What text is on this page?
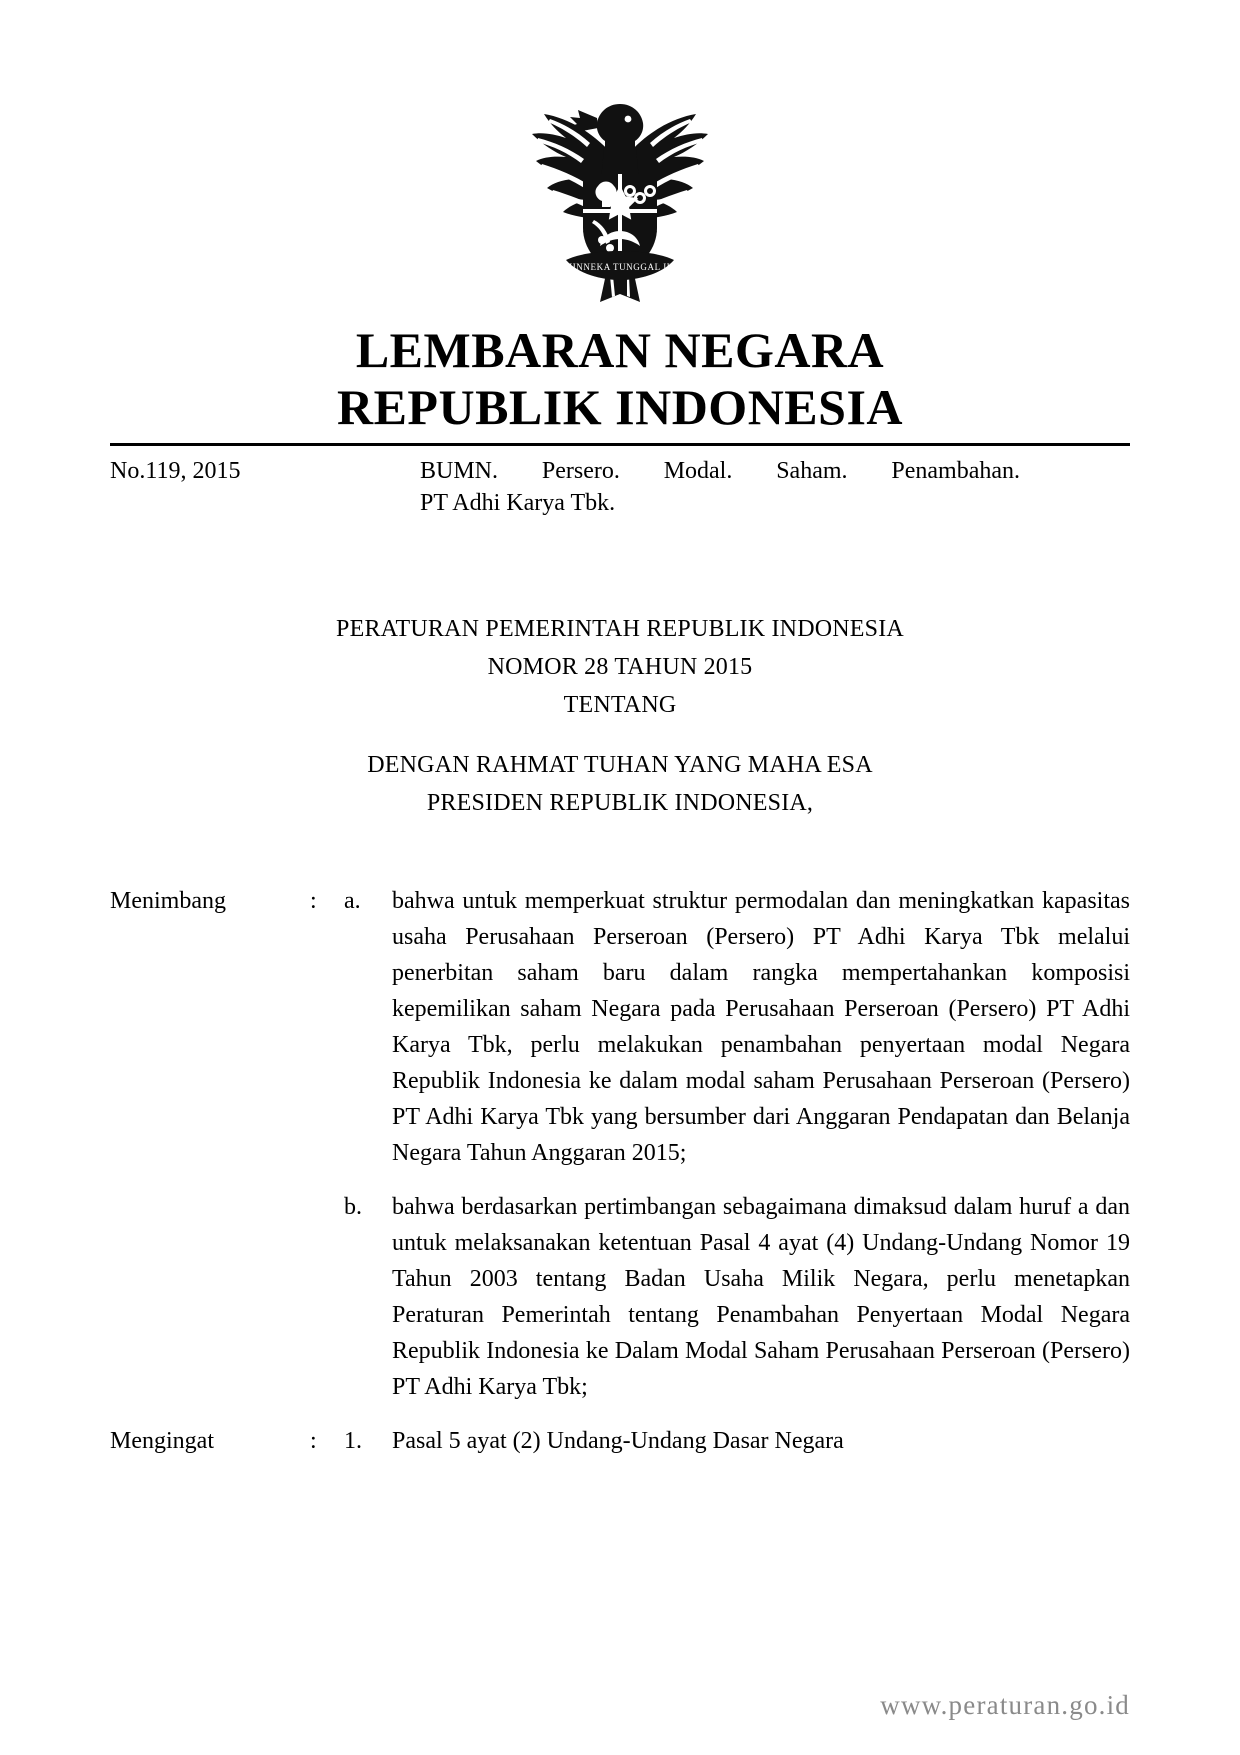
BHINNEKA TUNGGAL IKA
LEMBARAN NEGARA
REPUBLIK INDONESIA
No.119, 2015	BUMN. Persero. Modal. Saham. Penambahan.
PT Adhi Karya Tbk.
PERATURAN PEMERINTAH REPUBLIK INDONESIA
NOMOR 28 TAHUN 2015
TENTANG
DENGAN RAHMAT TUHAN YANG MAHA ESA
PRESIDEN REPUBLIK INDONESIA,
Menimbang	:	a.	bahwa untuk memperkuat struktur permodalan dan meningkatkan kapasitas usaha Perusahaan Perseroan (Persero) PT Adhi Karya Tbk melalui penerbitan saham baru dalam rangka mempertahankan komposisi kepemilikan saham Negara pada Perusahaan Perseroan (Persero) PT Adhi Karya Tbk, perlu melakukan penambahan penyertaan modal Negara Republik Indonesia ke dalam modal saham Perusahaan Perseroan (Persero) PT Adhi Karya Tbk yang bersumber dari Anggaran Pendapatan dan Belanja Negara Tahun Anggaran 2015;
b.	bahwa berdasarkan pertimbangan sebagaimana dimaksud dalam huruf a dan untuk melaksanakan ketentuan Pasal 4 ayat (4) Undang-Undang Nomor 19 Tahun 2003 tentang Badan Usaha Milik Negara, perlu menetapkan Peraturan Pemerintah tentang Penambahan Penyertaan Modal Negara Republik Indonesia ke Dalam Modal Saham Perusahaan Perseroan (Persero) PT Adhi Karya Tbk;
Mengingat	:	1.	Pasal 5 ayat (2) Undang-Undang Dasar Negara
www.peraturan.go.id
